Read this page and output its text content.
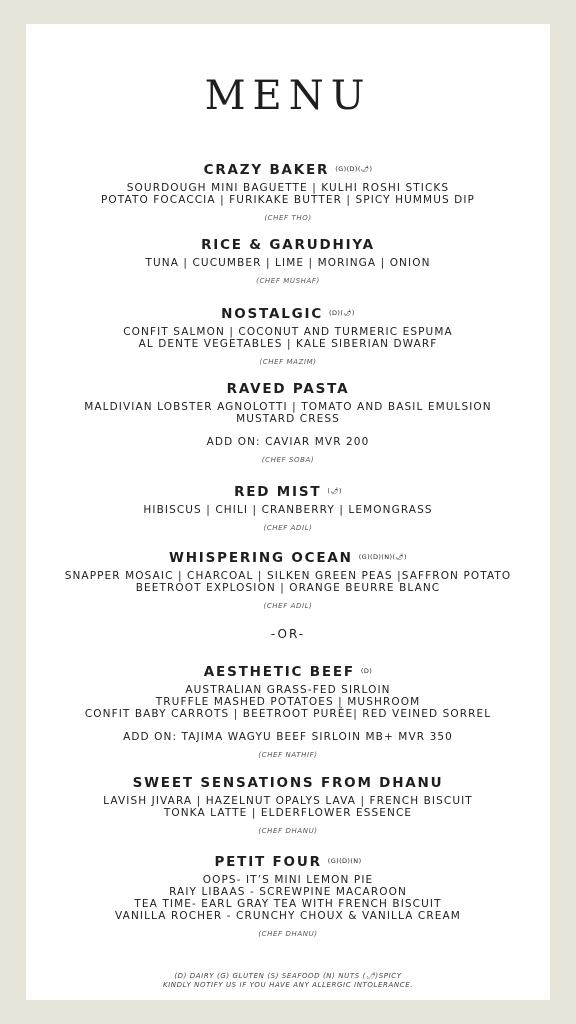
MENU
CRAZY BAKER $^{(G)(D)(🌶)}$
SOURDOUGH MINI BAGUETTE | KULHI ROSHI STICKS
POTATO FOCACCIA | FURIKAKE BUTTER | SPICY HUMMUS DIP
(CHEF THO)
RICE & GARUDHIYA
TUNA | CUCUMBER | LIME | MORINGA | ONION
(CHEF MUSHAF)
NOSTALGIC $^{(D)(🌶)}$
CONFIT SALMON | COCONUT AND TURMERIC ESPUMA
AL DENTE VEGETABLES | KALE SIBERIAN DWARF
(CHEF MAZIM)
RAVED PASTA
MALDIVIAN LOBSTER AGNOLOTTI | TOMATO AND BASIL EMULSION
MUSTARD CRESS
ADD ON: CAVIAR MVR 200
(CHEF SOBA)
RED MIST (🌶)
HIBISCUS | CHILI | CRANBERRY | LEMONGRASS
(CHEF ADIL)
WHISPERING OCEAN $^{(G)(D)(N)(🌶)}$
SNAPPER MOSAIC | CHARCOAL | SILKEN GREEN PEAS |SAFFRON POTATO
BEETROOT EXPLOSION | ORANGE BEURRE BLANC
(CHEF ADIL)
-OR-
AESTHETIC BEEF $^{(D)}$
AUSTRALIAN GRASS-FED SIRLOIN
TRUFFLE MASHED POTATOES | MUSHROOM
CONFIT BABY CARROTS | BEETROOT PURÉE| RED VEINED SORREL
ADD ON: TAJIMA WAGYU BEEF SIRLOIN MB+ MVR 350
(CHEF NATHIF)
SWEET SENSATIONS FROM DHANU
LAVISH JIVARA | HAZELNUT OPALYS LAVA | FRENCH BISCUIT
TONKA LATTE | ELDERFLOWER ESSENCE
(CHEF DHANU)
PETIT FOUR $^{(G)(D)(N)}$
OOPS- IT’S MINI LEMON PIE
RAIY LIBAAS - SCREWPINE MACAROON
TEA TIME- EARL GRAY TEA WITH FRENCH BISCUIT
VANILLA ROCHER - CRUNCHY CHOUX & VANILLA CREAM
(CHEF DHANU)
(D) DAIRY (G) GLUTEN (S) SEAFOOD (N) NUTS (🌶)SPICY
KINDLY NOTIFY US IF YOU HAVE ANY ALLERGIC INTOLERANCE.
